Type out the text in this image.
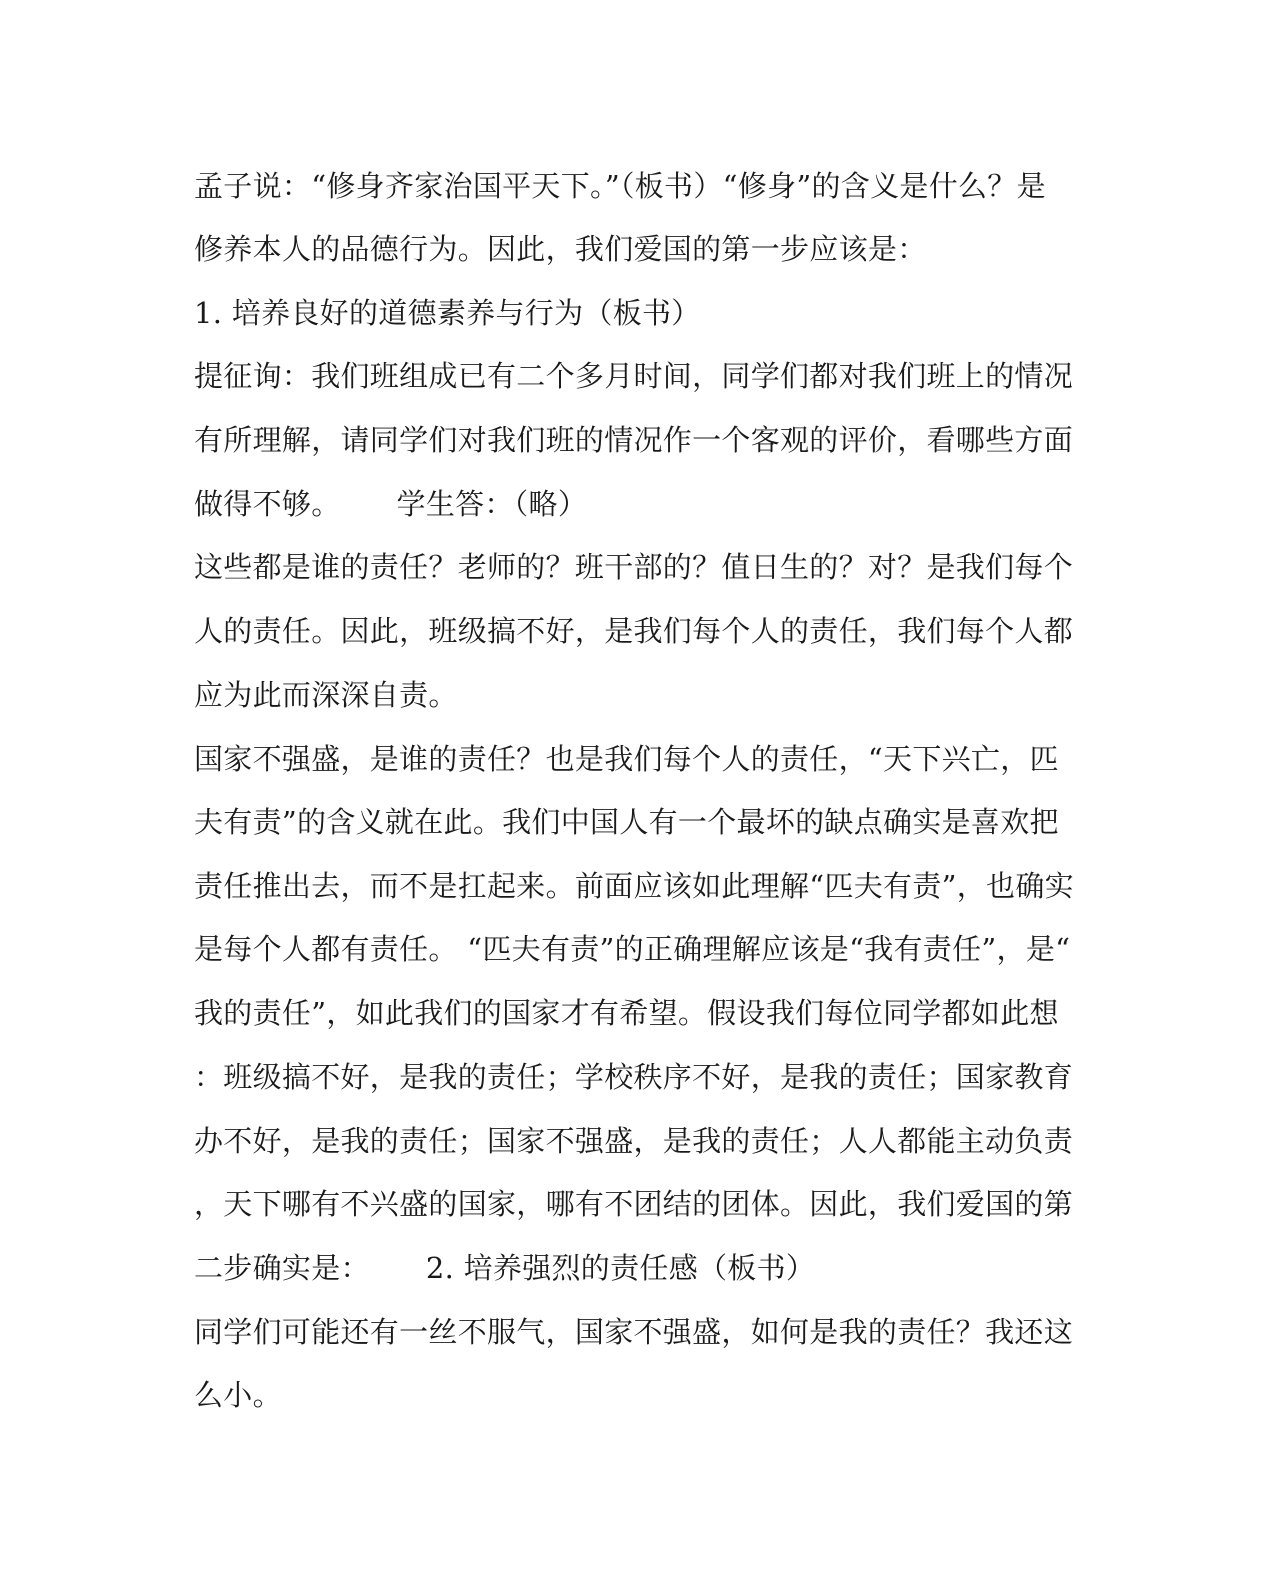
孟子说：“修身齐家治国平天下。”（板书）“修身”的含义是什么？是
修养本人的品德行为。因此，我们爱国的第一步应该是：
1. 培养良好的道德素养与行为（板书）
提征询：我们班组成已有二个多月时间，同学们都对我们班上的情况
有所理解，请同学们对我们班的情况作一个客观的评价，看哪些方面
做得不够。 学生答：（略）
这些都是谁的责任？老师的？班干部的？值日生的？对？是我们每个
人的责任。因此，班级搞不好，是我们每个人的责任，我们每个人都
应为此而深深自责。
国家不强盛，是谁的责任？也是我们每个人的责任，“天下兴亡，匹
夫有责”的含义就在此。我们中国人有一个最坏的缺点确实是喜欢把
责任推出去，而不是扛起来。前面应该如此理解“匹夫有责”，也确实
是每个人都有责任。 “匹夫有责”的正确理解应该是“我有责任”，是“
我的责任”，如此我们的国家才有希望。假设我们每位同学都如此想
：班级搞不好，是我的责任；学校秩序不好，是我的责任；国家教育
办不好，是我的责任；国家不强盛，是我的责任；人人都能主动负责
，天下哪有不兴盛的国家，哪有不团结的团体。因此，我们爱国的第
二步确实是： 2. 培养强烈的责任感（板书）
同学们可能还有一丝不服气，国家不强盛，如何是我的责任？我还这
么小。
